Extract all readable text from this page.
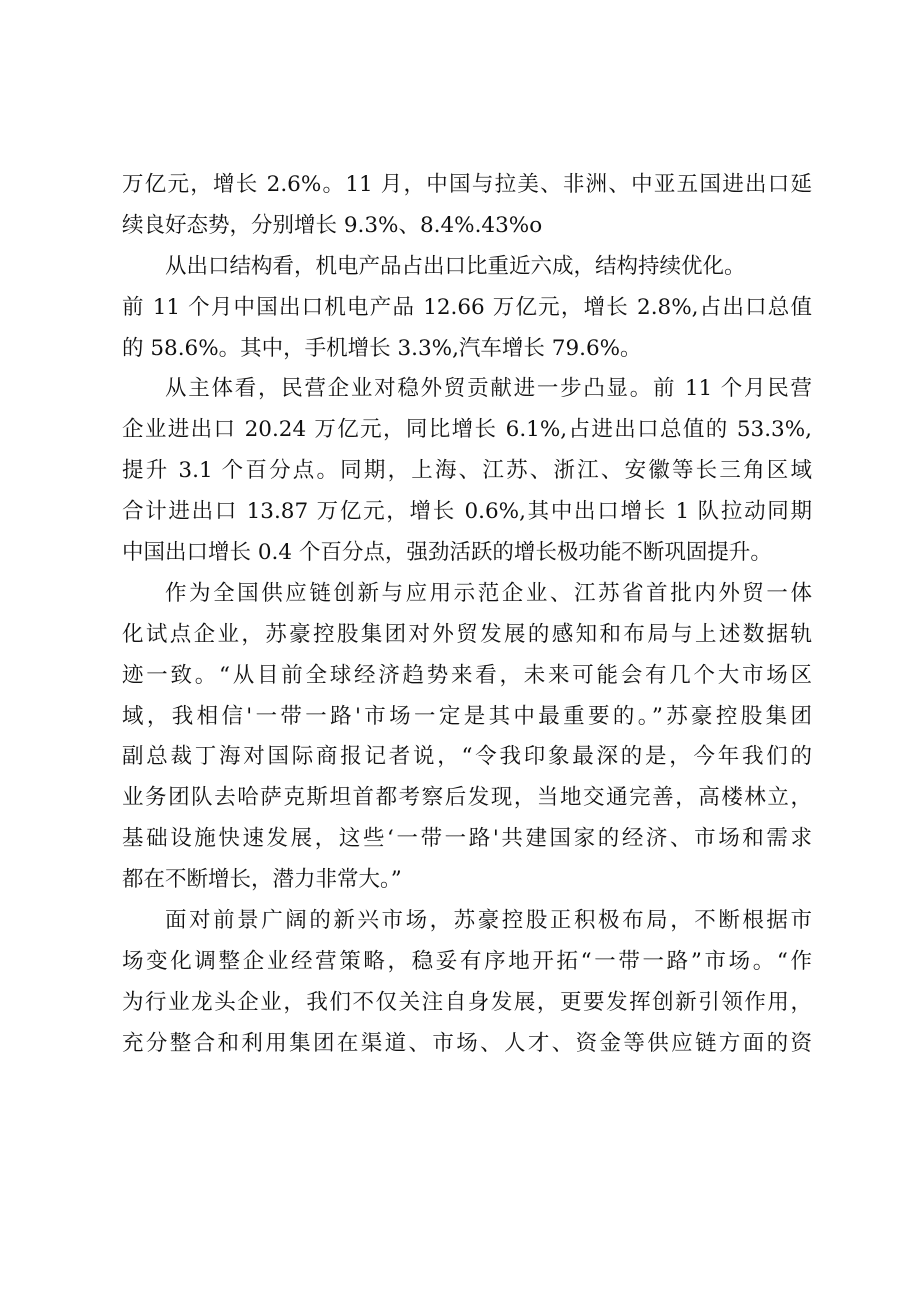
万亿元，增长 2.6%。11 月，中国与拉美、非洲、中亚五国进出口延
续良好态势，分别增长 9.3%、8.4%.43%o
从出口结构看，机电产品占出口比重近六成，结构持续优化。
前 11 个月中国出口机电产品 12.66 万亿元，增长 2.8%,占出口总值
的 58.6%。其中，手机增长 3.3%,汽车增长 79.6%。
从主体看，民营企业对稳外贸贡献进一步凸显。前 11 个月民营
企业进出口 20.24 万亿元，同比增长 6.1%,占进出口总值的 53.3%,
提升 3.1 个百分点。同期，上海、江苏、浙江、安徽等长三角区域
合计进出口 13.87 万亿元，增长 0.6%,其中出口增长 1 队拉动同期
中国出口增长 0.4 个百分点，强劲活跃的增长极功能不断巩固提升。
作为全国供应链创新与应用示范企业、江苏省首批内外贸一体
化试点企业，苏豪控股集团对外贸发展的感知和布局与上述数据轨
迹一致。“从目前全球经济趋势来看，未来可能会有几个大市场区
域，我相信'一带一路'市场一定是其中最重要的。”苏豪控股集团
副总裁丁海对国际商报记者说，“令我印象最深的是，今年我们的
业务团队去哈萨克斯坦首都考察后发现，当地交通完善，高楼林立，
基础设施快速发展，这些‘一带一路'共建国家的经济、市场和需求
都在不断增长，潜力非常大。”
面对前景广阔的新兴市场，苏豪控股正积极布局，不断根据市
场变化调整企业经营策略，稳妥有序地开拓“一带一路”市场。“作
为行业龙头企业，我们不仅关注自身发展，更要发挥创新引领作用，
充分整合和利用集团在渠道、市场、人才、资金等供应链方面的资
